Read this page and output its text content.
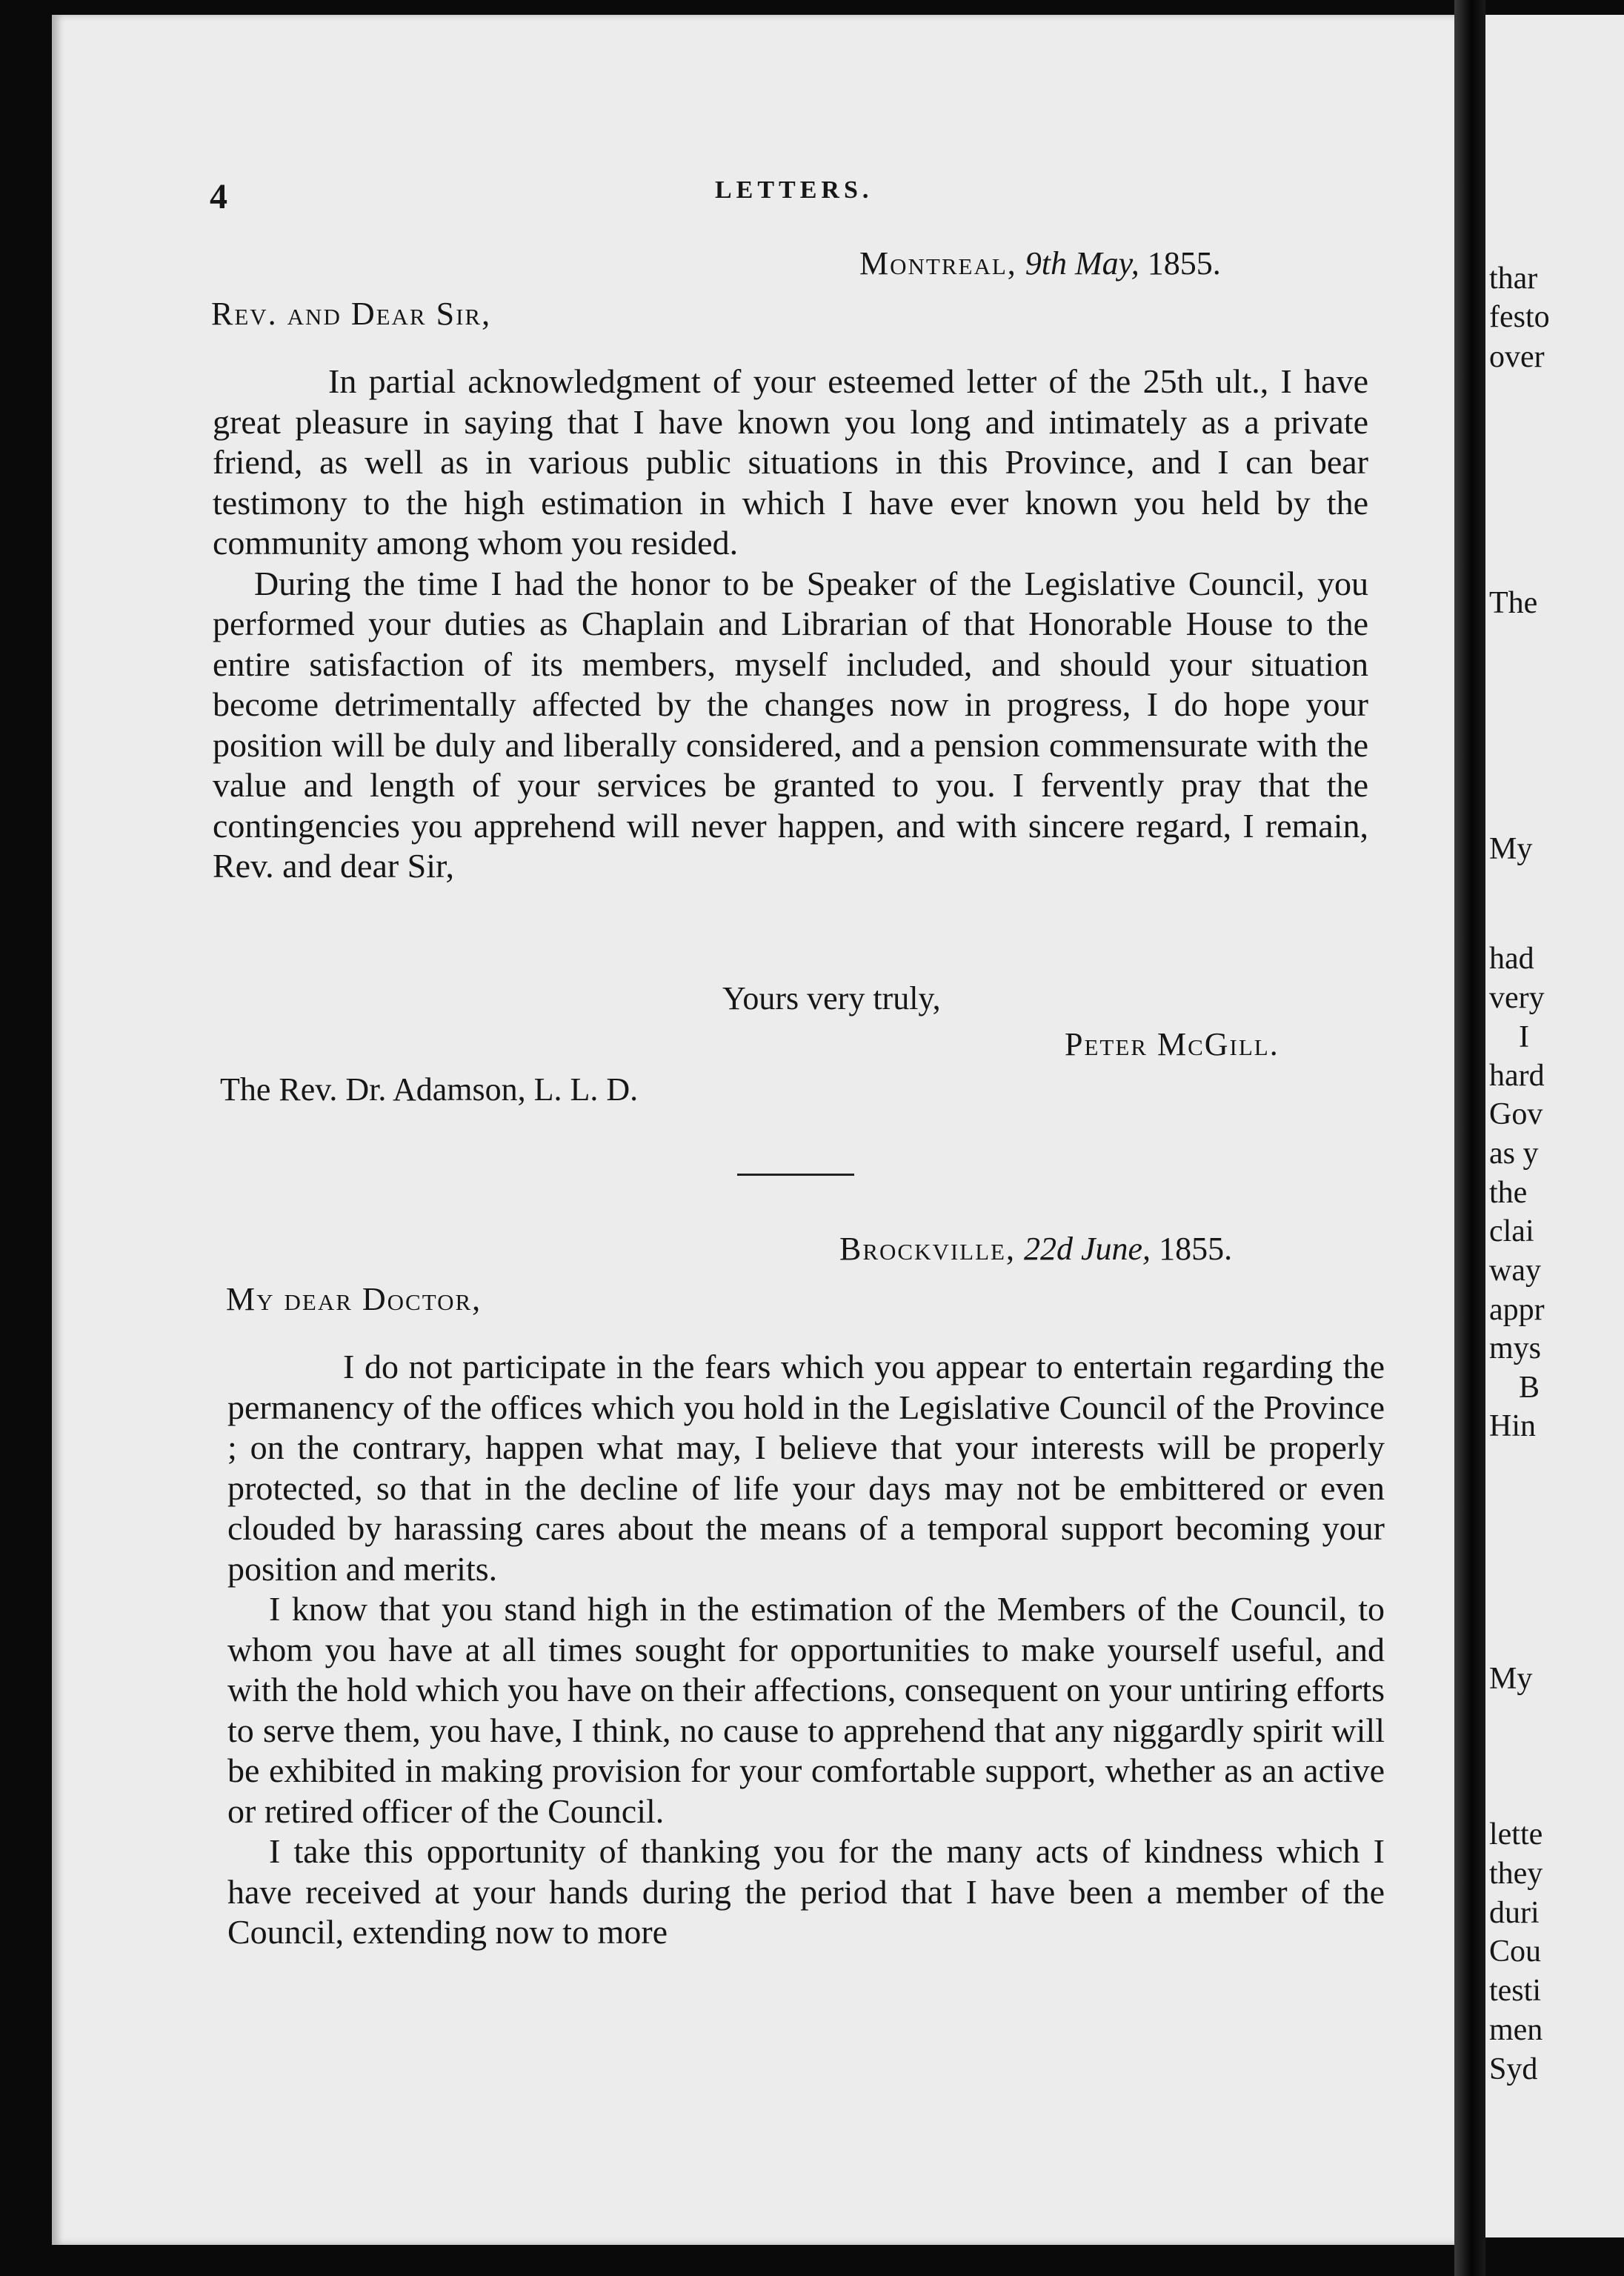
4	LETTERS.
Montreal, 9th May, 1855.
Rev. and Dear Sir,

In partial acknowledgment of your esteemed letter of the 25th ult., I have great pleasure in saying that I have known you long and intimately as a private friend, as well as in various public situations in this Province, and I can bear testimony to the high estimation in which I have ever known you held by the community among whom you resided.

During the time I had the honor to be Speaker of the Legislative Council, you performed your duties as Chaplain and Librarian of that Honorable House to the entire satisfaction of its members, myself included, and should your situation become detrimentally affected by the changes now in progress, I do hope your position will be duly and liberally considered, and a pension commensurate with the value and length of your services be granted to you. I fervently pray that the contingencies you apprehend will never happen, and with sincere regard, I remain, Rev. and dear Sir,

Yours very truly,
Peter McGill.
The Rev. Dr. Adamson, L. L. D.
Brockville, 22d June, 1855.
My dear Doctor,

I do not participate in the fears which you appear to entertain regarding the permanency of the offices which you hold in the Legislative Council of the Province ; on the contrary, happen what may, I believe that your interests will be properly protected, so that in the decline of life your days may not be embittered or even clouded by harassing cares about the means of a temporal support becoming your position and merits.

I know that you stand high in the estimation of the Members of the Council, to whom you have at all times sought for opportunities to make yourself useful, and with the hold which you have on their affections, consequent on your untiring efforts to serve them, you have, I think, no cause to apprehend that any niggardly spirit will be exhibited in making provision for your comfortable support, whether as an active or retired officer of the Council.

I take this opportunity of thanking you for the many acts of kindness which I have received at your hands during the period that I have been a member of the Council, extending now to more

thar
festo
over
The
My
had
very
I
hard
Gov
as y
the
clai
way
appr
mys
B
Hin
My
lette
they
duri
Cou
testi
men
Syd
